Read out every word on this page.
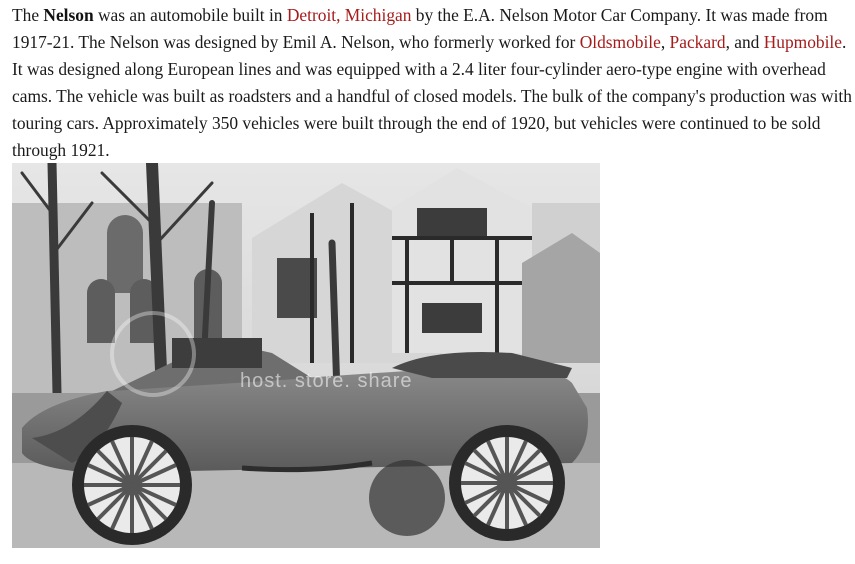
The Nelson was an automobile built in Detroit, Michigan by the E.A. Nelson Motor Car Company. It was made from 1917-21. The Nelson was designed by Emil A. Nelson, who formerly worked for Oldsmobile, Packard, and Hupmobile. It was designed along European lines and was equipped with a 2.4 liter four-cylinder aero-type engine with overhead cams. The vehicle was built as roadsters and a handful of closed models. The bulk of the company's production was with touring cars. Approximately 350 vehicles were built through the end of 1920, but vehicles were continued to be sold through 1921.

host. store. share
